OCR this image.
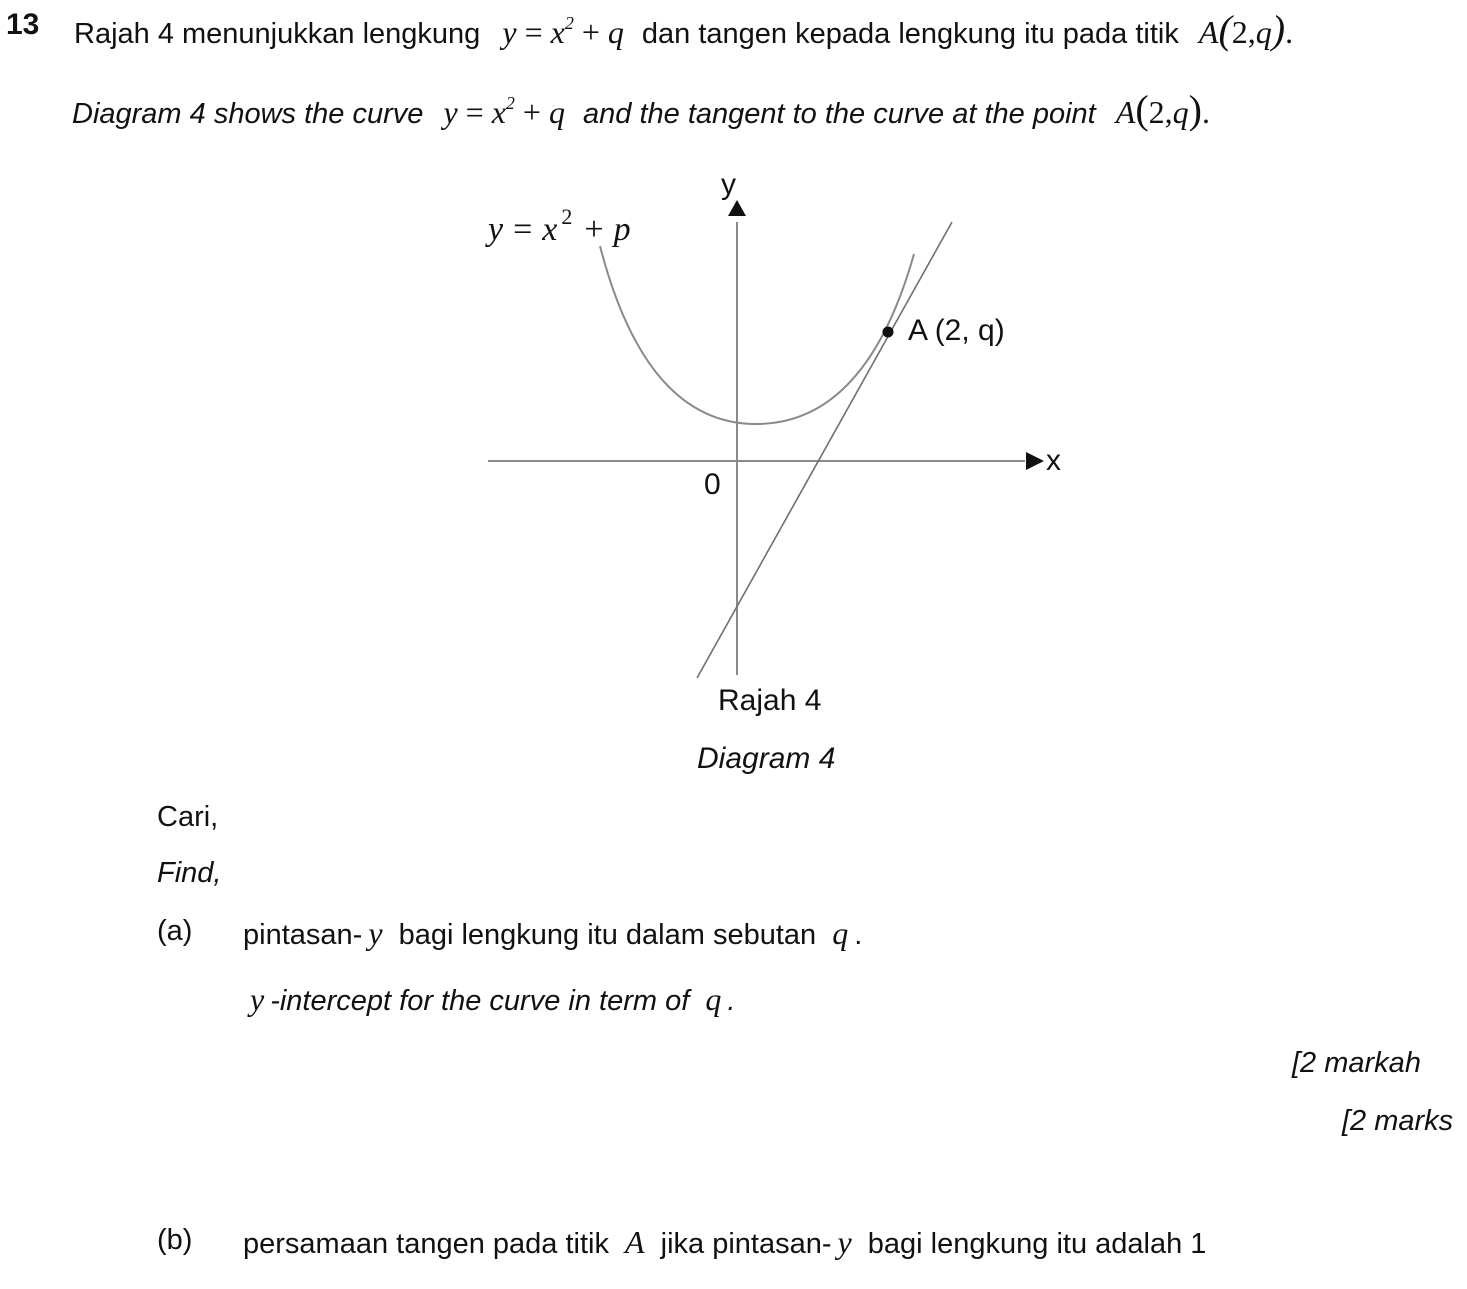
13 Rajah 4 menunjukkan lengkung $y = x^2 + q$ dan tangen kepada lengkung itu pada titik A(2,q).
Diagram 4 shows the curve $y = x^2 + q$ and the tangent to the curve at the point A(2,q).
y
x
0
A (2, q)
y = x 2 + p
Rajah 4
Diagram 4
Cari,
Find,
(a) pintasan- y bagi lengkung itu dalam sebutan q .
y -intercept for the curve in term of q .
[2 markah
[2 marks
(b) persamaan tangen pada titik A jika pintasan- y bagi lengkung itu adalah 1
